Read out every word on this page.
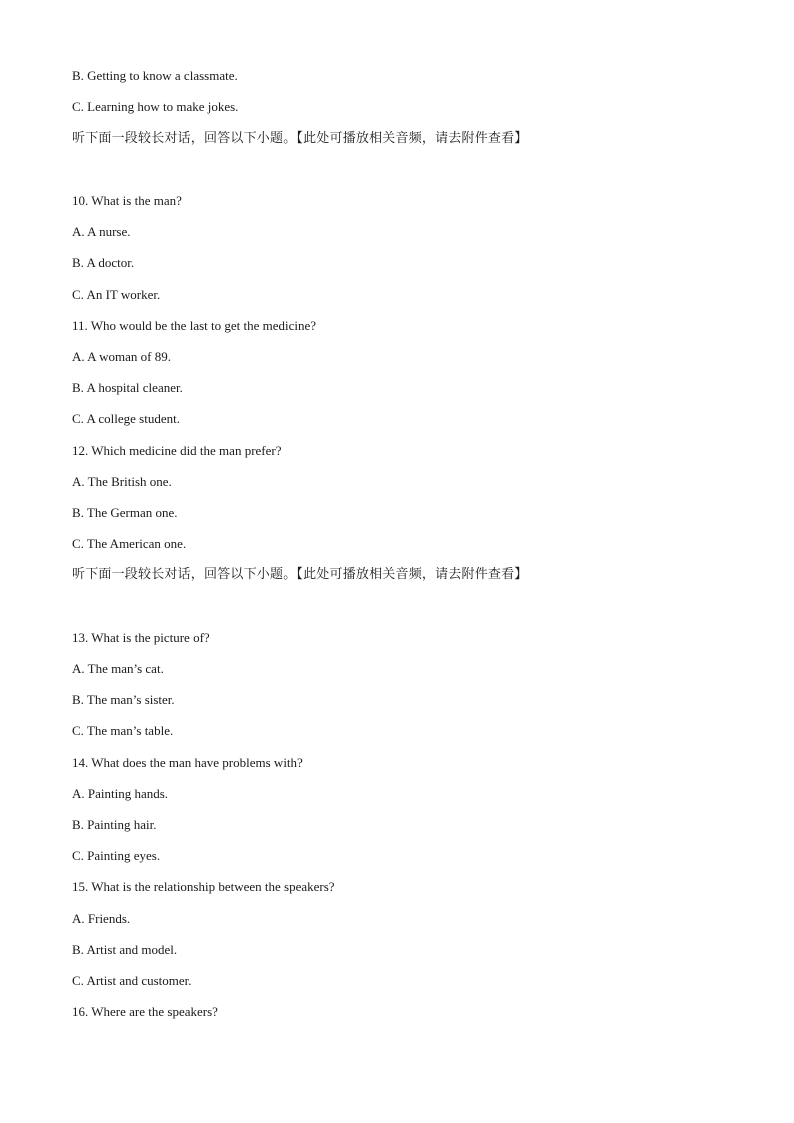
B. Getting to know a classmate.
C. Learning how to make jokes.
听下面一段较长对话，回答以下小题。【此处可播放相关音频，请去附件查看】
10. What is the man?
A. A nurse.
B. A doctor.
C. An IT worker.
11. Who would be the last to get the medicine?
A. A woman of 89.
B. A hospital cleaner.
C. A college student.
12. Which medicine did the man prefer?
A. The British one.
B. The German one.
C. The American one.
听下面一段较长对话，回答以下小题。【此处可播放相关音频，请去附件查看】
13. What is the picture of?
A. The man’s cat.
B. The man’s sister.
C. The man’s table.
14. What does the man have problems with?
A. Painting hands.
B. Painting hair.
C. Painting eyes.
15. What is the relationship between the speakers?
A. Friends.
B. Artist and model.
C. Artist and customer.
16. Where are the speakers?
